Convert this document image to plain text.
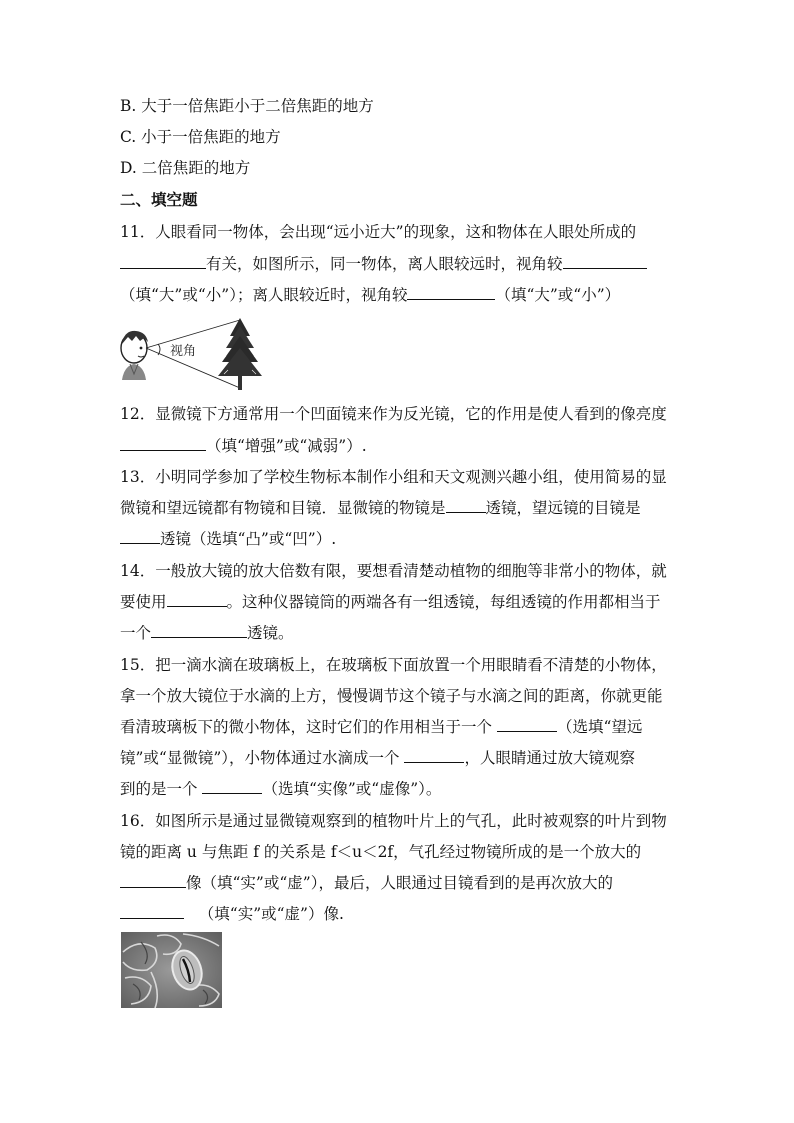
B. 大于一倍焦距小于二倍焦距的地方
C. 小于一倍焦距的地方
D. 二倍焦距的地方
二、填空题
11．人眼看同一物体，会出现“远小近大”的现象，这和物体在人眼处所成的
有关，如图所示，同一物体，离人眼较远时，视角较
（填“大”或“小”）；离人眼较近时，视角较	（填“大”或“小”）
视角
12．显微镜下方通常用一个凹面镜来作为反光镜，它的作用是使人看到的像亮度
（填“增强”或“减弱”）.
13．小明同学参加了学校生物标本制作小组和天文观测兴趣小组，使用简易的显
微镜和望远镜都有物镜和目镜．显微镜的物镜是	透镜，望远镜的目镜是
透镜（选填“凸”或“凹”）.
14．一般放大镜的放大倍数有限，要想看清楚动植物的细胞等非常小的物体，就
要使用	。这种仪器镜筒的两端各有一组透镜，每组透镜的作用都相当于
一个	透镜。
15．把一滴水滴在玻璃板上，在玻璃板下面放置一个用眼睛看不清楚的小物体，
拿一个放大镜位于水滴的上方，慢慢调节这个镜子与水滴之间的距离，你就更能
看清玻璃板下的微小物体，这时它们的作用相当于一个	（选填“望远
镜”或“显微镜”），小物体通过水滴成一个	，人眼睛通过放大镜观察
到的是一个	（选填“实像”或“虚像”）。
16．如图所示是通过显微镜观察到的植物叶片上的气孔，此时被观察的叶片到物
镜的距离 u 与焦距 f 的关系是 f＜u＜2f，气孔经过物镜所成的是一个放大的
像（填“实”或“虚”），最后，人眼通过目镜看到的是再次放大的
（填“实”或“虚”）像.
